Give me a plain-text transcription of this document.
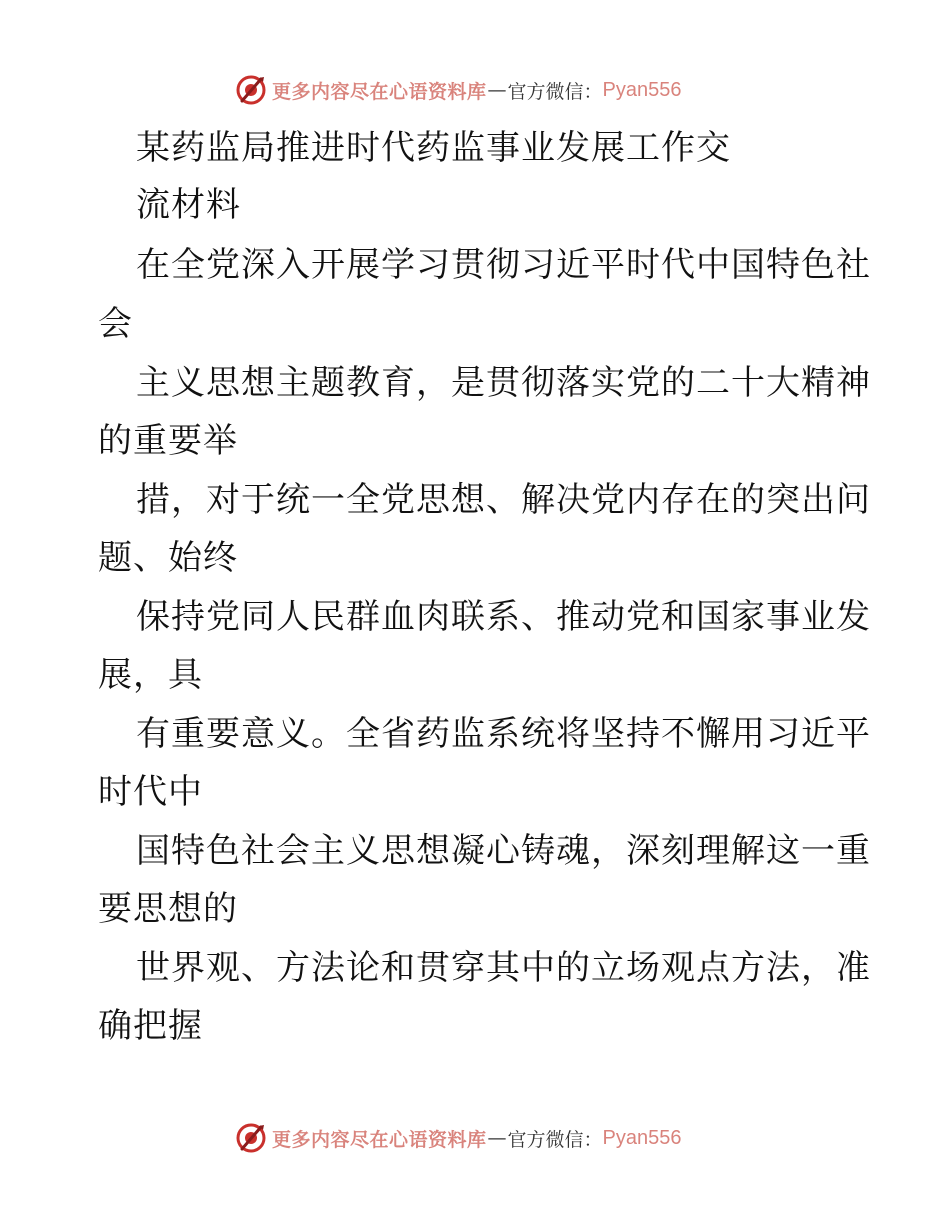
更多内容尽在心语资料库 — 官方微信： Pyan556
某药监局推进时代药监事业发展工作交
流材料
在全党深入开展学习贯彻习近平时代中国特色社
会
主义思想主题教育，是贯彻落实党的二十大精神
的重要举
措，对于统一全党思想、解决党内存在的突出问
题、始终
保持党同人民群血肉联系、推动党和国家事业发
展，具
有重要意义。全省药监系统将坚持不懈用习近平
时代中
国特色社会主义思想凝心铸魂，深刻理解这一重
要思想的
世界观、方法论和贯穿其中的立场观点方法，准
确把握
更多内容尽在心语资料库 — 官方微信： Pyan556
